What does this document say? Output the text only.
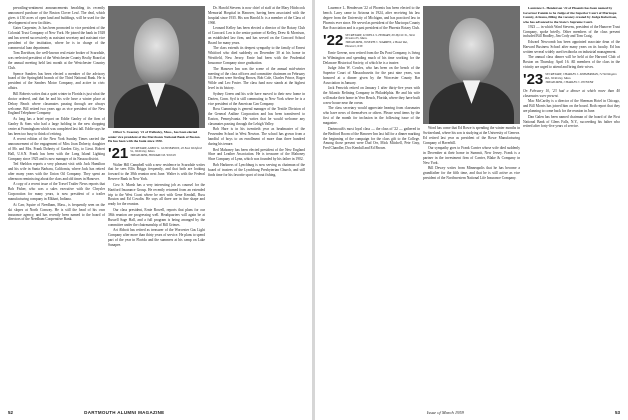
prevailing-sentiment announcements heralding its recently announced purchase of the Boston Clover Leaf. The deal, which gives it 130 acres of open land and buildings, will be used for the development of new facilities.

Gates Carpenter, Jr. has been promoted to vice president of the Colonial Trust Company of New York. He joined the bank in 1928 and has served successively as assistant secretary and assistant vice president of the institution, where he is in charge of the commercial loan department.

Tom Davidson, the well-known real estate broker of Scarsdale, was reelected president of the Westchester County Realty Board at the annual meeting held last month at the Westchester Country Club.

Spence Sanders has been elected a member of the advisory board of the Springfield branch of the Third National Bank. He is president of the Sanders Motor Company, and active in civic affairs.

Bill Roberts writes that a quiet winter in Florida is just what the doctor ordered, and that he and his wife have a winter place at Delray Beach where classmates passing through are always welcome. Bill retired two years ago as vice president of the New England Telephone Company.

As long has a brief report on Eddie Ganley of the firm of Ganley & Sons who had a large holding in the new shopping center at Framingham which was completed last fall. Eddie says he has been too busy to think of retiring.

A recent edition of the New York Sunday Times carried the announcement of the engagement of Miss Joan Doherty, daughter of Mr. and Mrs. Frank Doherty of Garden City, to Lieut. Robert Hall, U.S.N. Frank has been with the Long Island Lighting Company since 1925 and is now manager of its Nassau district.

Ted Sheldon reports a very pleasant visit with Jack Hamilton and his wife in Santa Barbara, California, where Jack has retired after many years with the Union Oil Company. They spent an afternoon reminiscing about the class and old times in Hanover.

A copy of a recent issue of the Travel Trailer News reports that Bob Fisher, who was a sales executive with the Chrysler Corporation for many years, is now president of a trailer manufacturing company in Elkhart, Indiana.

At Carr, Squire of Needham, Mass., is frequently seen on the ski slopes at North Conway. He is still the head of his own insurance agency, and has recently been named to the board of directors of the Needham Cooperative Bank.

Oliver S. Sweeney '21 of Wellesley, Mass., has been elected senior vice president of the Merchants National Bank of Boston. He has been with the bank since 1930.

'21 SECRETARY, ALBIN G. GUNDERSON, 20 East Welsford St., Wellesley, Mass.
TREASURER, HOWARD M. WOOD

Walter Hill Campbell with a new residence in Scarsdale writes that he sees Ellis Briggs frequently, and that both are looking forward to the 38th reunion next June. Walter is with the Federal Reserve Bank in New York.

Cow S. Marsh has a very interesting job as counsel for the Hartford Insurance Group. He recently returned from an extended trip to the West Coast where he met with Gene Kendall, Russ Bouton and Ed Cowdin. He says all three are in fine shape and ready for the reunion.

Our class president, Ernie Rowell, reports that plans for our 38th reunion are progressing well. Headquarters will again be at Russell Sage Hall, and a full program is being arranged by the committee under the chairmanship of Bill Grimes.

Art Abbott has retired as treasurer of the Worcester Gas Light Company after more than thirty years of service. He plans to spend part of the year in Florida and the summers at his camp on Lake Sunapee.

Dr. Harold Stevens is now chief of staff at the Mary Hitchcock Memorial Hospital in Hanover, having been associated with the hospital since 1935. His son Harold Jr. is a member of the Class of 1960.

Leonard Kelley has been elected a director of the Rotary Club of Concord. Len is the senior partner of Kelley, Drew & Morrison, an established law firm, and has served on the Concord School Board for many years.

The class extends its deepest sympathy to the family of Ernest Whitford who died suddenly on December 30 at his home in Westfield, New Jersey. Ernie had been with the Prudential Insurance Company since graduation.

The Hanover Inn was the scene of the annual mid-winter meeting of the class officers and committee chairmen on February 14. Present were Sterling Brown, Bob Cole, Charles Prince, Roger Wilde and Leo Foster. The class fund now stands at the highest level in its history.

Sydney Green and his wife have moved to their new home in Darien, Conn. Syd is still commuting to New York where he is a vice president of the American Can Company.

Ross Cummings is general manager of the Textile Division of the General Aniline Corporation and has been transferred to Easton, Pennsylvania. He writes that he would welcome any classmates passing through the Lehigh Valley.

Bob Hare is in his twentieth year as headmaster of the Fessenden School in West Newton. The school has grown from a handful of boys to an enrollment of more than three hundred during his tenure.

Red Mahoney has been elected president of the New England Shoe and Leather Association. He is treasurer of the Mahoney Shoe Company of Lynn, which was founded by his father in 1902.

Bob Harkness of Lynchburg is now serving as chairman of the board of trustees of the Lynchburg Presbyterian Church, and still finds time for his favorite sport of trout fishing.

52	DARTMOUTH ALUMNI MAGAZINE

Laurence L. Henderson '22 of Phoenix has been elected to the bench. Larry came to Arizona in 1924, after receiving his law degree from the University of Michigan, and has practiced law in Phoenix ever since. He served as president of the Maricopa County Bar Association and is a past president of the Phoenix Rotary Club.

'22 SECRETARY, LOWELL S. HOBART, 69 Myrtle St., West Newton 65, Mass.
TREASURER, JOSEPH C. WARREN, 4 Hazel Rd., Hanover, N.H.

Ernie Greene, now retired from the Du Pont Company, is living in Wilmington and spending much of his time working for the Delaware Historical Society, of which he is a trustee.

Judge John W. Cowles, who has been on the bench of the Superior Court of Massachusetts for the past nine years, was honored at a dinner given by the Worcester County Bar Association in January.

Jack Fenwick retired on January 1 after thirty-five years with the Atlantic Refining Company in Philadelphia. He and his wife will make their home in Vero Beach, Florida, where they have built a new house near the ocean.

The class secretary would appreciate hearing from classmates who have news of themselves or others. Please send items by the first of the month for inclusion in the following issue of the magazine.

Dartmouth's most loyal class — the class of '22 — gathered in the Bedford Room of the Hanover Inn last fall for a dinner marking the beginning of the campaign for the class gift to the College. Among those present were Dud Orr, Mick Mitchell, Pete Gray, Fred Chandler, Doc Kendall and Ed Brown.

Word has come that Ed Rowe is spending the winter months in Switzerland, where his son is studying at the University of Geneva. Ed retired last year as president of the Rowe Manufacturing Company of Haverhill.

Our sympathy goes to Frank Carrier whose wife died suddenly in December at their home in Summit, New Jersey. Frank is a partner in the investment firm of Carrier, Blake & Company in New York.

Bill Dewey writes from Minneapolis that he has become a grandfather for the fifth time, and that he is still active as vice president of the Northwestern National Life Insurance Company.

Laurence L. Henderson '22 of Phoenix has been named by Governor Fannin to be Judge of the Superior Court of Maricopa County, Arizona, filling the vacancy created by Judge Robertson, who has advanced to the State's Supreme Court.

1923 — in which Ward Stevens, president of the Hanover Trust Company, spoke briefly. Other members of the class present included Bill Bradley, Jim Cody and Tom Craig.

Edward Newcomb has been appointed associate dean of the Harvard Business School after many years on its faculty. Ed has written several widely used textbooks on industrial management.

The annual class dinner will be held at the Harvard Club of Boston on Thursday, April 16. All members of the class in the vicinity are urged to attend and bring their wives.

'23 SECRETARY, CHARLES J. ZIMMERMAN, 72 Wellington Rd., Wellesley, Mass.
TREASURER, CHARLES C. HUNTER

On February 10, '23 had a dinner at which more than 40 classmates were present.

Mac McCarthy is a director of the Sherman Hotel in Chicago, and Bill Morris has joined him on the board. Both report that they are planning to come back for the reunion in June.

Dan Galen has been named chairman of the board of the First National Bank of Glens Falls, N.Y., succeeding his father who retired after forty-five years of service.

Issue of March 1959	53
